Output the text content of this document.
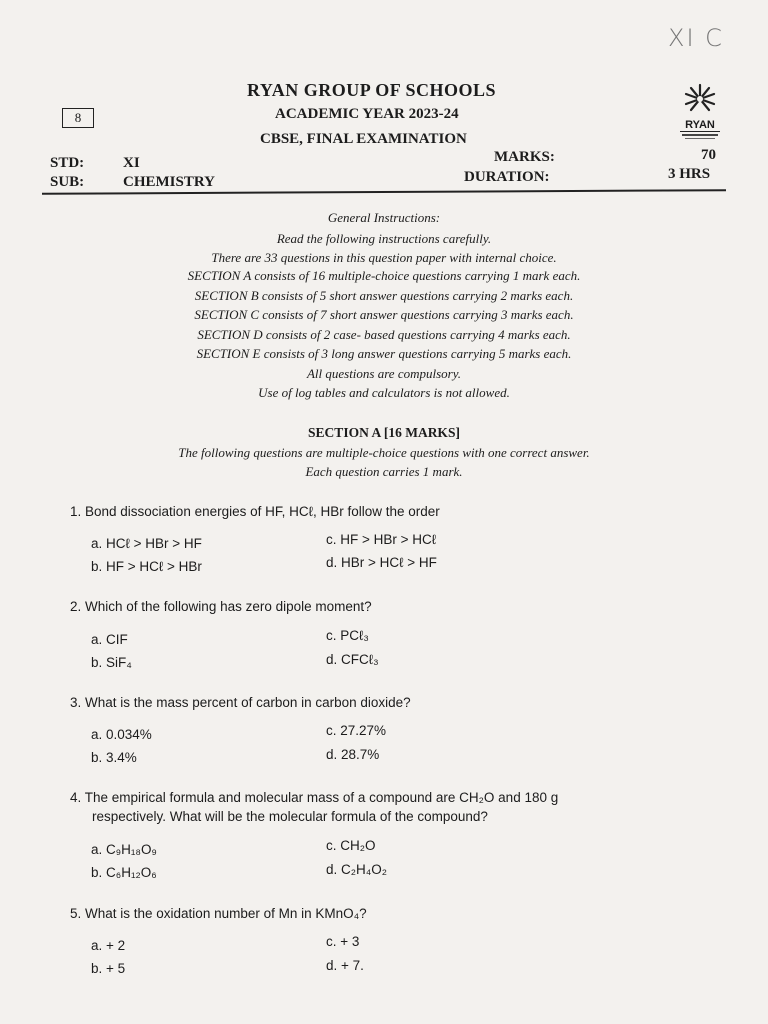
XI C
8
RYAN GROUP OF SCHOOLS
ACADEMIC YEAR 2023-24
CBSE, FINAL EXAMINATION
RYAN
STD:	XI	MARKS:	70
SUB:	CHEMISTRY	DURATION:	3 HRS
General Instructions:
Read the following instructions carefully.
There are 33 questions in this question paper with internal choice.
SECTION A consists of 16 multiple-choice questions carrying 1 mark each.
SECTION B consists of 5 short answer questions carrying 2 marks each.
SECTION C consists of 7 short answer questions carrying 3 marks each.
SECTION D consists of 2 case- based questions carrying 4 marks each.
SECTION E consists of 3 long answer questions carrying 5 marks each.
All questions are compulsory.
Use of log tables and calculators is not allowed.
SECTION A [16 MARKS]
The following questions are multiple-choice questions with one correct answer.
Each question carries 1 mark.
1. Bond dissociation energies of HF, HCℓ, HBr follow the order
a. HCℓ > HBr > HF	c. HF > HBr > HCℓ
b. HF > HCℓ > HBr	d. HBr > HCℓ > HF
2. Which of the following has zero dipole moment?
a. CIF	c. PCℓ₃
b. SiF₄	d. CFCℓ₃
3. What is the mass percent of carbon in carbon dioxide?
a. 0.034%	c. 27.27%
b. 3.4%	d. 28.7%
4. The empirical formula and molecular mass of a compound are CH₂O and 180 g
respectively. What will be the molecular formula of the compound?
a. C₉H₁₈O₉	c. CH₂O
b. C₆H₁₂O₆	d. C₂H₄O₂
5. What is the oxidation number of Mn in KMnO₄?
a. + 2	c. + 3
b. + 5	d. + 7.
